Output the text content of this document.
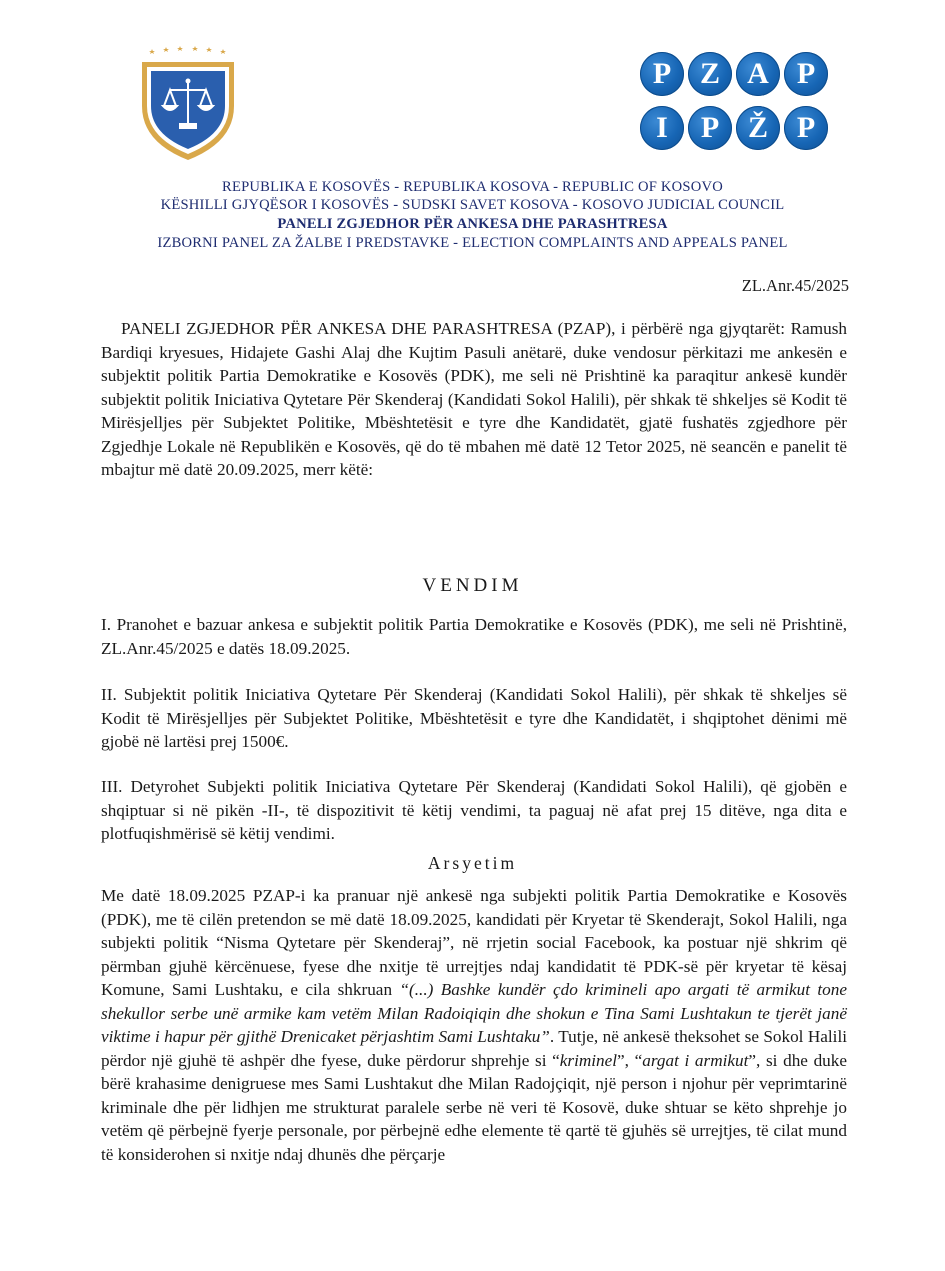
P Z A P
I	P Ž P
REPUBLIKA E KOSOVËS - REPUBLIKA KOSOVA - REPUBLIC OF KOSOVO
KËSHILLI GJYQËSOR I KOSOVËS - SUDSKI SAVET KOSOVA - KOSOVO JUDICIAL COUNCIL
PANELI ZGJEDHOR PËR ANKESA DHE PARASHTRESA
IZBORNI PANEL ZA ŽALBE I PREDSTAVKE - ELECTION COMPLAINTS AND APPEALS PANEL
ZL.Anr.45/2025
PANELI ZGJEDHOR PËR ANKESA DHE PARASHTRESA (PZAP), i përbërë nga gjyqtarët: Ramush Bardiqi kryesues, Hidajete Gashi Alaj dhe Kujtim Pasuli anëtarë, duke vendosur përkitazi me ankesën e subjektit politik Partia Demokratike e Kosovës (PDK), me seli në Prishtinë ka paraqitur ankesë kundër subjektit politik Iniciativa Qytetare Për Skenderaj (Kandidati Sokol Halili), për shkak të shkeljes së Kodit të Mirësjelljes për Subjektet Politike, Mbështetësit e tyre dhe Kandidatët, gjatë fushatës zgjedhore për Zgjedhje Lokale në Republikën e Kosovës, që do të mbahen më datë 12 Tetor 2025, në seancën e panelit të mbajtur më datë 20.09.2025, merr këtë:
VENDIM
I. Pranohet e bazuar ankesa e subjektit politik Partia Demokratike e Kosovës (PDK), me seli në Prishtinë, ZL.Anr.45/2025 e datës 18.09.2025.
II. Subjektit politik Iniciativa Qytetare Për Skenderaj (Kandidati Sokol Halili), për shkak të shkeljes së Kodit të Mirësjelljes për Subjektet Politike, Mbështetësit e tyre dhe Kandidatët, i shqiptohet dënimi më gjobë në lartësi prej 1500€.
III. Detyrohet Subjekti politik Iniciativa Qytetare Për Skenderaj (Kandidati Sokol Halili), që gjobën e shqiptuar si në pikën -II-, të dispozitivit të këtij vendimi, ta paguaj në afat prej 15 ditëve, nga dita e plotfuqishmërisë së këtij vendimi.
Arsyetim
Me datë 18.09.2025 PZAP-i ka pranuar një ankesë nga subjekti politik Partia Demokratike e Kosovës (PDK), me të cilën pretendon se më datë 18.09.2025, kandidati për Kryetar të Skenderajt, Sokol Halili, nga subjekti politik “Nisma Qytetare për Skenderaj”, në rrjetin social Facebook, ka postuar një shkrim që përmban gjuhë kërcënuese, fyese dhe nxitje të urrejtjes ndaj kandidatit të PDK-së për kryetar të kësaj Komune, Sami Lushtaku, e cila shkruan “(...) Bashke kundër çdo krimineli apo argati të armikut tone shekullor serbe unë armike kam vetëm Milan Radoiqiqin dhe shokun e Tina Sami Lushtakun te tjerët janë viktime i hapur për gjithë Drenicaket përjashtim Sami Lushtaku”. Tutje, në ankesë theksohet se Sokol Halili përdor një gjuhë të ashpër dhe fyese, duke përdorur shprehje si “kriminel”, “argat i armikut”, si dhe duke bërë krahasime denigruese mes Sami Lushtakut dhe Milan Radojçiqit, një person i njohur për veprimtarinë kriminale dhe për lidhjen me strukturat paralele serbe në veri të Kosovë, duke shtuar se këto shprehje jo vetëm që përbejnë fyerje personale, por përbejnë edhe elemente të qartë të gjuhës së urrejtjes, të cilat mund të konsiderohen si nxitje ndaj dhunës dhe përçarje
